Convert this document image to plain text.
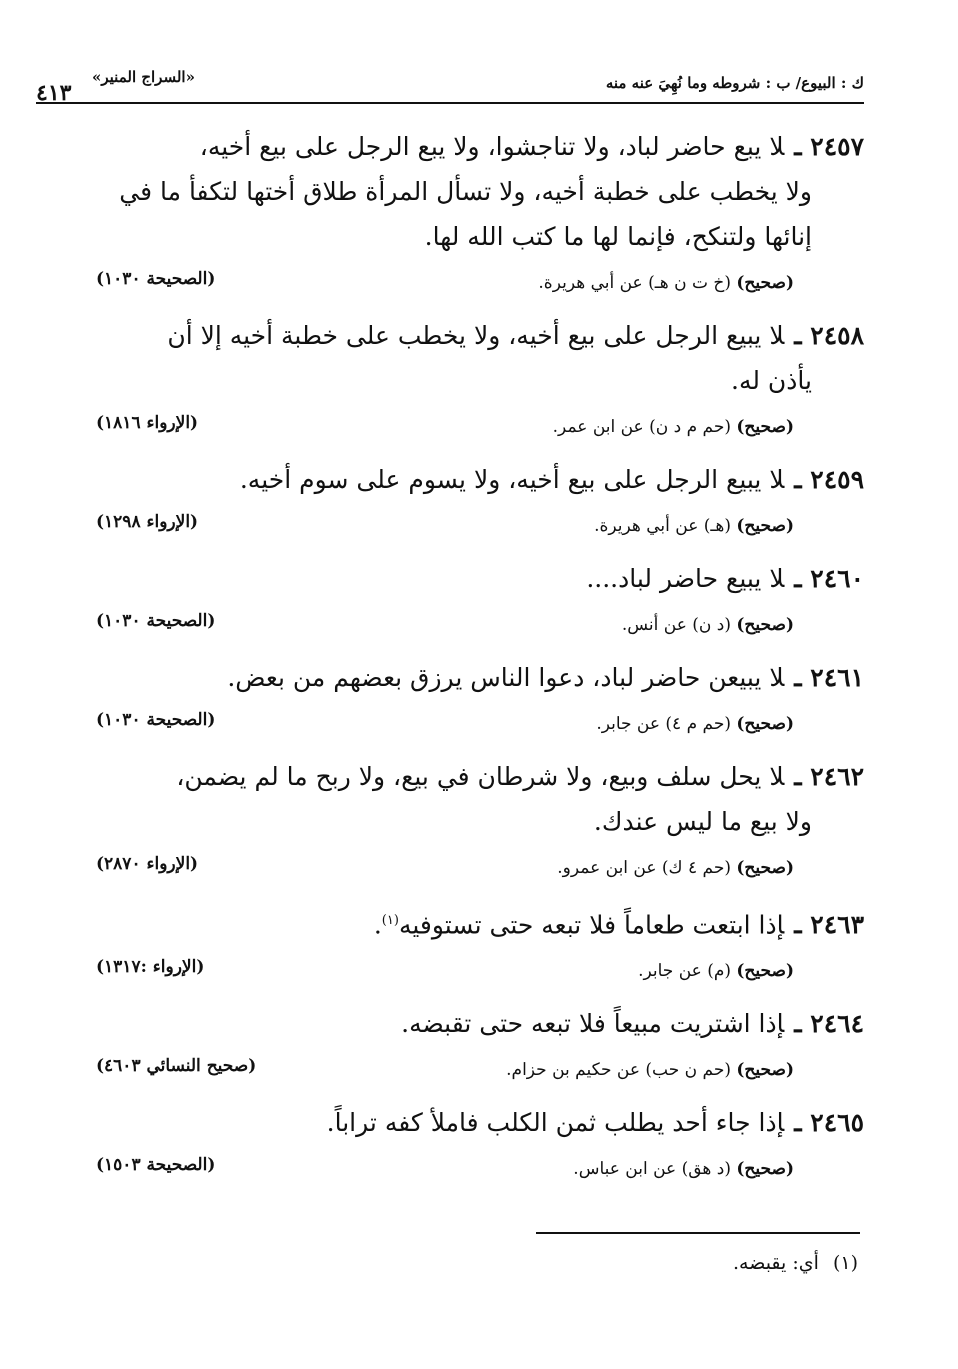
ك : البيوع/ ب : شروطه وما نُهِيَ عنه منه
«السراج المنير»
٤١٣

٢٤٥٧ ـلا يبع حاضر لباد، ولا تناجشوا، ولا يبع الرجل على بيع أخيه،
ولا يخطب على خطبة أخيه، ولا تسأل المرأة طلاق أختها لتكفأ ما في
إنائها ولتنكح، فإنما لها ما كتب الله لها.

(صحيح) (خ ت ن هـ) عن أبي هريرة.
(الصحيحة ١٠٣٠)

٢٤٥٨ ـلا يبيع الرجل على بيع أخيه، ولا يخطب على خطبة أخيه إلا أن
يأذن له.

(صحيح) (حم م د ن) عن ابن عمر.
(الإرواء ١٨١٦)

٢٤٥٩ ـلا يبيع الرجل على بيع أخيه، ولا يسوم على سوم أخيه.

(صحيح) (هـ) عن أبي هريرة.
(الإرواء ١٢٩٨)

٢٤٦٠ ـلا يبيع حاضر لباد....

(صحيح) (د ن) عن أنس.
(الصحيحة ١٠٣٠)

٢٤٦١ ـلا يبيعن حاضر لباد، دعوا الناس يرزق بعضهم من بعض.

(صحيح) (حم م ٤) عن جابر.
(الصحيحة ١٠٣٠)

٢٤٦٢ ـلا يحل سلف وبيع، ولا شرطان في بيع، ولا ربح ما لم يضمن،
ولا بيع ما ليس عندك.

(صحيح) (حم ٤ ك) عن ابن عمرو.
(الإرواء ٢٨٧٠)

٢٤٦٣ ـإذا ابتعت طعاماً فلا تبعه حتى تستوفيه$^{(١)}$.

(صحيح) (م) عن جابر.
(الإرواء :١٣١٧)

٢٤٦٤ ـإذا اشتريت مبيعاً فلا تبعه حتى تقبضه.

(صحيح) (حم ن حب) عن حكيم بن حزام.
(صحيح النسائي ٤٦٠٣)

٢٤٦٥ ـإذا جاء أحد يطلب ثمن الكلب فاملأ كفه تراباً.

(صحيح) (د هق) عن ابن عباس.
(الصحيحة ١٥٠٣)
(١)أي: يقبضه.
